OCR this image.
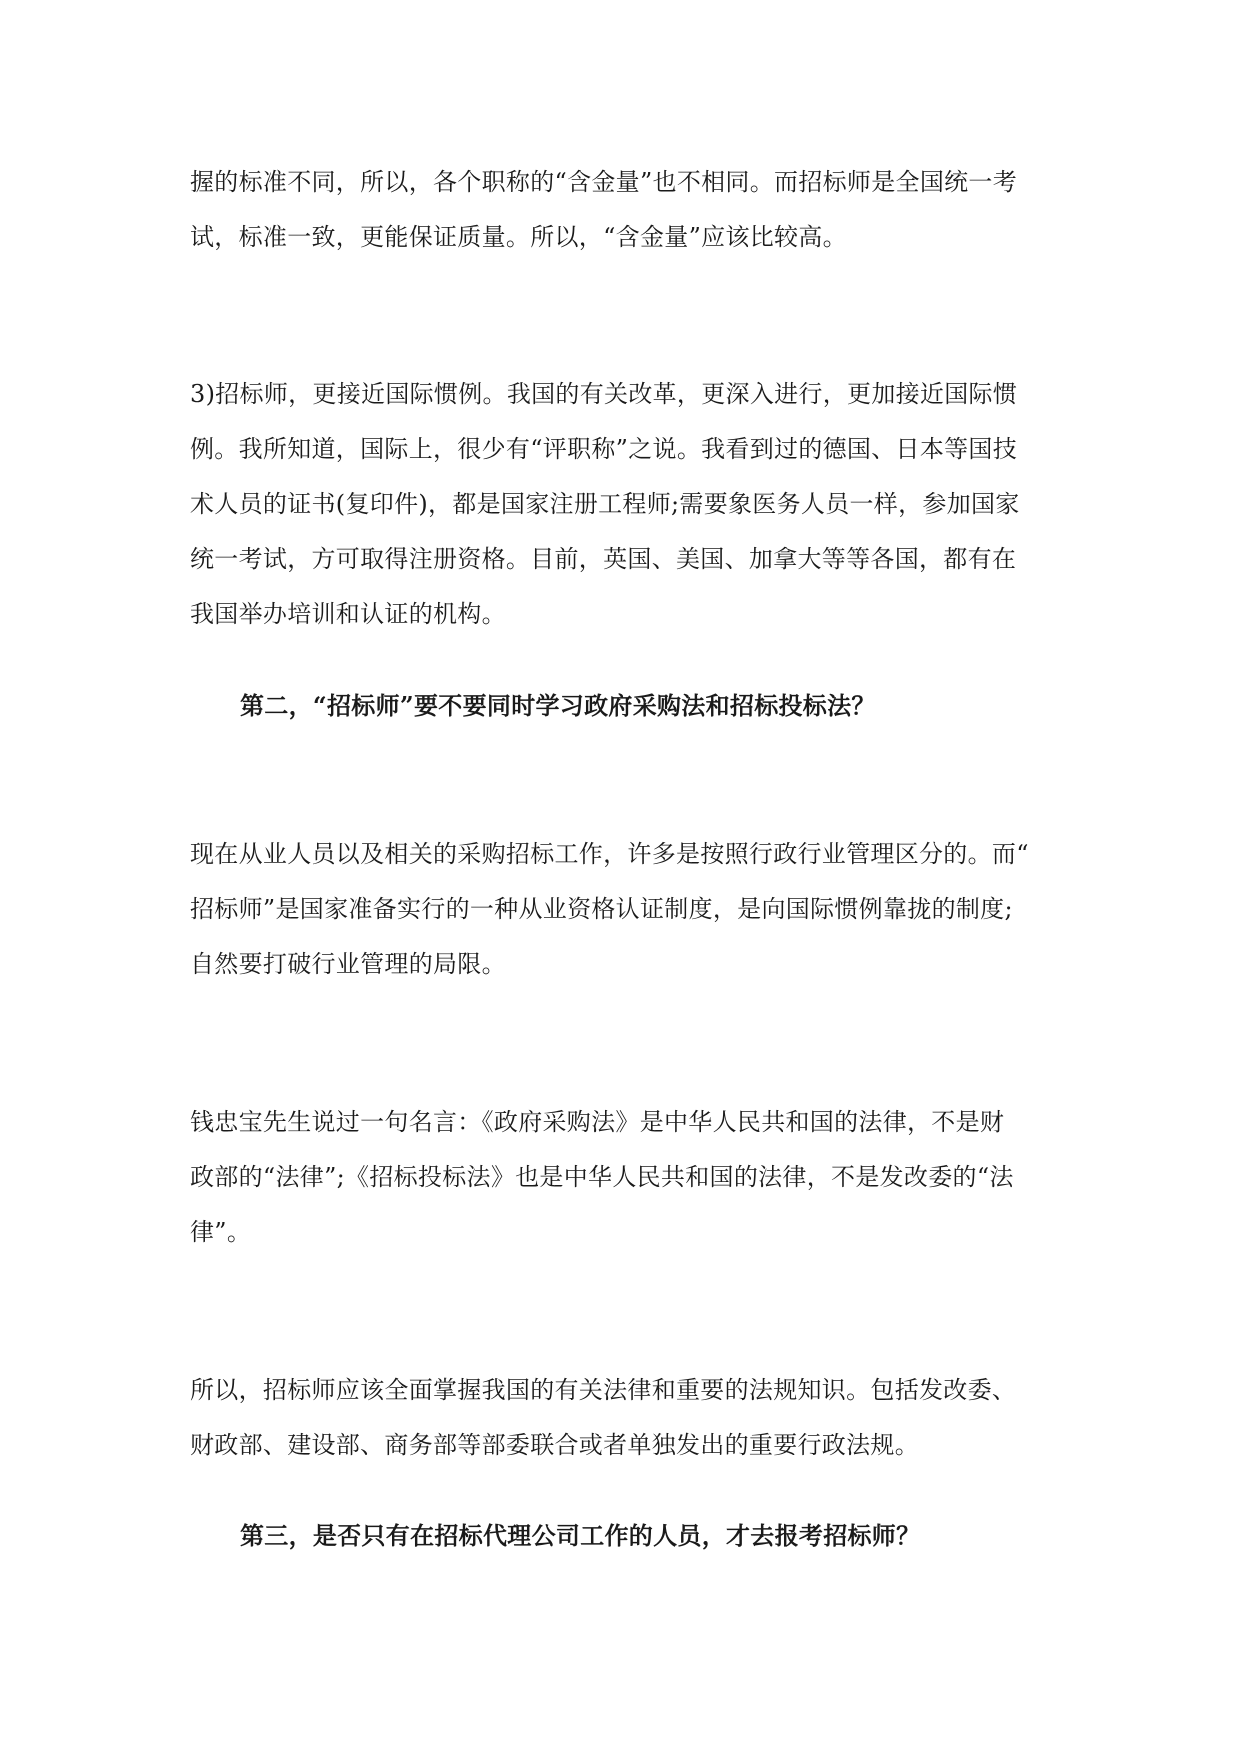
握的标准不同，所以，各个职称的“含金量”也不相同。而招标师是全国统一考
试，标准一致，更能保证质量。所以，“含金量”应该比较高。
3)招标师，更接近国际惯例。我国的有关改革，更深入进行，更加接近国际惯
例。我所知道，国际上，很少有“评职称”之说。我看到过的德国、日本等国技
术人员的证书(复印件)，都是国家注册工程师;需要象医务人员一样，参加国家
统一考试，方可取得注册资格。目前，英国、美国、加拿大等等各国，都有在
我国举办培训和认证的机构。
第二，“招标师”要不要同时学习政府采购法和招标投标法？
现在从业人员以及相关的采购招标工作，许多是按照行政行业管理区分的。而“
招标师”是国家准备实行的一种从业资格认证制度，是向国际惯例靠拢的制度;
自然要打破行业管理的局限。
钱忠宝先生说过一句名言：《政府采购法》是中华人民共和国的法律，不是财
政部的“法律”;《招标投标法》也是中华人民共和国的法律，不是发改委的“法
律”。
所以，招标师应该全面掌握我国的有关法律和重要的法规知识。包括发改委、
财政部、建设部、商务部等部委联合或者单独发出的重要行政法规。
第三，是否只有在招标代理公司工作的人员，才去报考招标师？
